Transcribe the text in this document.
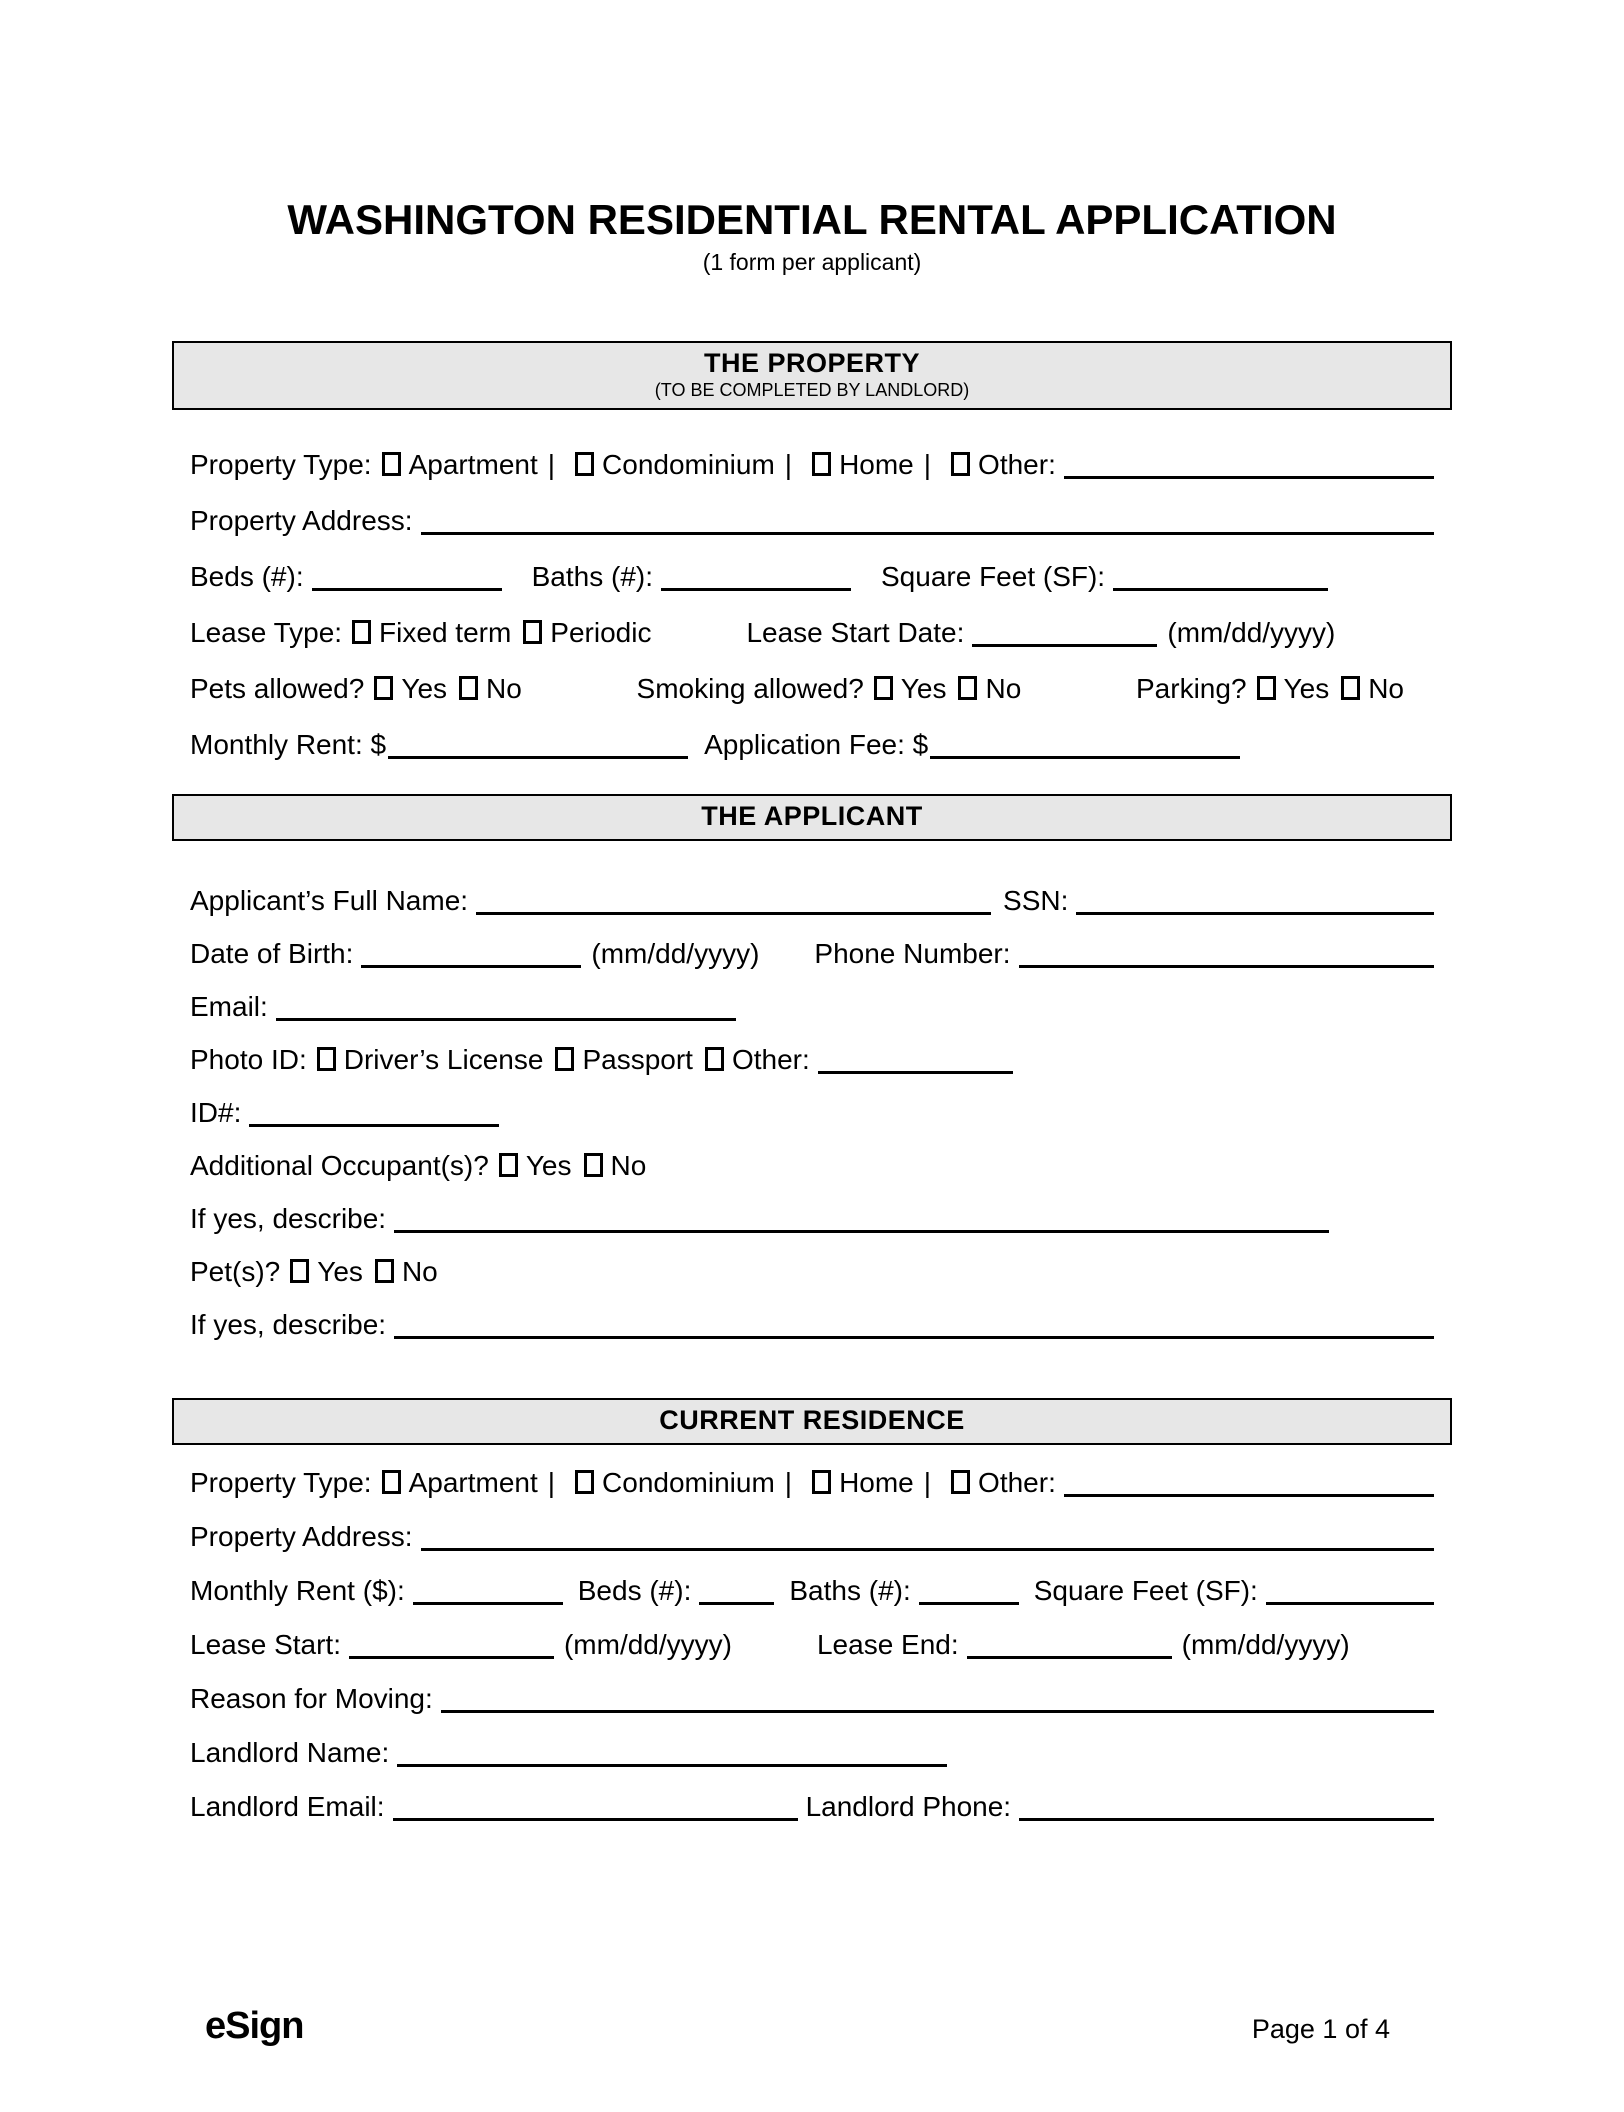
WASHINGTON RESIDENTIAL RENTAL APPLICATION
(1 form per applicant)
THE PROPERTY
(TO BE COMPLETED BY LANDLORD)
Property Type: Apartment | Condominium | Home | Other:
Property Address:
Beds (#):	Baths (#):	Square Feet (SF):
Lease Type: Fixed term Periodic	Lease Start Date:	(mm/dd/yyyy)
Pets allowed? Yes No	Smoking allowed? Yes No	Parking? Yes No
Monthly Rent: $	Application Fee: $
THE APPLICANT
Applicant’s Full Name:	SSN:
Date of Birth:	(mm/dd/yyyy) Phone Number:
Email:
Photo ID: Driver’s License Passport Other:
ID#:
Additional Occupant(s)? Yes No
If yes, describe:
Pet(s)? Yes No
If yes, describe:
CURRENT RESIDENCE
Property Type: Apartment | Condominium | Home | Other:
Property Address:
Monthly Rent ($):	Beds (#):	Baths (#):	Square Feet (SF):
Lease Start:	(mm/dd/yyyy)	Lease End:	(mm/dd/yyyy)
Reason for Moving:
Landlord Name:
Landlord Email:	Landlord Phone:
eSign	Page 1 of 4
